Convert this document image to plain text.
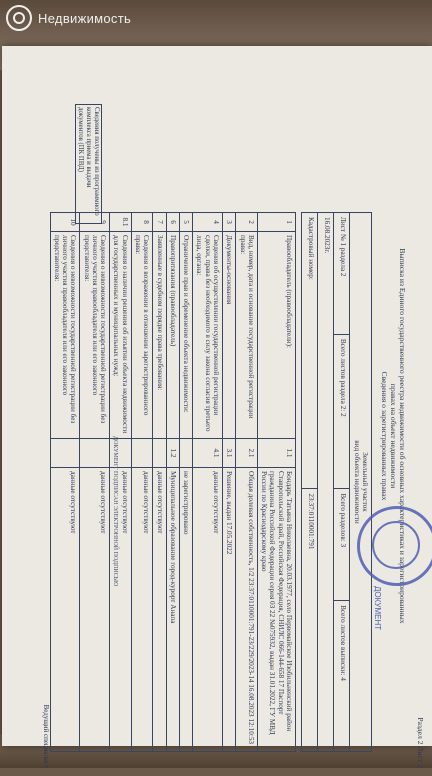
Раздел 2 Лист 2
Выписка из Единого государственного реестра недвижимости об основных характеристиках и зарегистрированных правах на объект недвижимости
Сведения о зарегистрированных правах
Земельный участок
вид объекта недвижимости			
Лист № 1 раздела 2	Всего листов раздела 2: 2	Всего разделов: 3	Всего листов выписки: 4
16.08.2023г.			
Кадастровый номер:		23:37:0110001:791	
1	Правообладатель (правообладатели):	1.1	Бондарь Татьяна Николаевна, 20.03.1977, село Первомайское Изобильненский район Ставропольский край, Российская Федерация, СНИЛС 066-144-658 17 Паспорт гражданина Российской Федерации серия 03 22 №075932, выдан 31.01.2022, ГУ МВД России по Краснодарскому краю
2	Вид, номер, дата и основание государственной регистрации права:	2.1	Общая долевая собственность, 1/2 23:37:0110001:791-23/229/2023-14 16.08.2023 12:10:53
3	Документы-основания	3.1	Решение, выдан 17.05.2022
4	Сведения об осуществлении государственной регистрации сделки, права без необходимого в силу закона согласия третьего лица, органа:	4.1	данные отсутствуют
5	Ограничение прав и обременение объекта недвижимости:		не зарегистрировано
6	Правопритязания (правообладатель)	1.2	Муниципальное образование город-курорт Анапа
7	Заявленные в судебном порядке права требования:		данные отсутствуют
8	Сведения о возражении в отношении зарегистрированного права:		данные отсутствуют
8.1	Сведения о наличии решения об изъятии объекта недвижимости для государственных и муниципальных нужд:		данные отсутствуют
9	Сведения о невозможности государственной регистрации без личного участия правообладателя или его законного представителя:		данные отсутствуют
10	Сведения о невозможности государственной регистрации без личного участия правообладателя или его законного представителя:		данные отсутствуют
Сведения получены из программного комплекса приема и выдачи документов (ПК ПВД)
ДОКУМЕНТ ПОДПИСАН ЭЛЕКТРОННОЙ ПОДПИСЬЮ
Ведущий специалист
ДОКУМЕНТ
Недвижимость
